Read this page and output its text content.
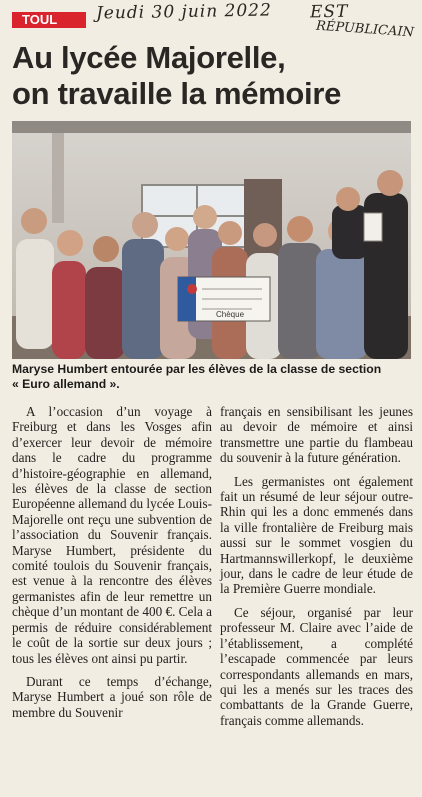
TOUL	Jeudi 30 juin 2022 EST
RÉPUBLICAIN
Au lycée Majorelle,
on travaille la mémoire
Chèque
Maryse Humbert entourée par les élèves de la classe de section
« Euro allemand ».

A l’occasion d’un voyage à Freiburg et dans les Vosges afin d’exercer leur devoir de mémoire dans le cadre du programme d’histoire-géographie en allemand, les élèves de la classe de section Européenne allemand du lycée Louis-Majorelle ont reçu une subvention de l’association du Souvenir français. Maryse Humbert, présidente du comité toulois du Souvenir français, est venue à la rencontre des élèves germanistes afin de leur remettre un chèque d’un montant de 400 €. Cela a permis de réduire considérablement le coût de la sortie sur deux jours ; tous les élèves ont ainsi pu partir.

Durant ce temps d’échange, Maryse Humbert a joué son rôle de membre du Souvenir

français en sensibilisant les jeunes au devoir de mémoire et ainsi transmettre une partie du flambeau du souvenir à la future génération.

Les germanistes ont également fait un résumé de leur séjour outre-Rhin qui les a donc emmenés dans la ville frontalière de Freiburg mais aussi sur le sommet vosgien du Hartmannswillerkopf, le deuxième jour, dans le cadre de leur étude de la Première Guerre mondiale.

Ce séjour, organisé par leur professeur M. Claire avec l’aide de l’établissement, a complété l’escapade commencée par leurs correspondants allemands en mars, qui les a menés sur les traces des combattants de la Grande Guerre, français comme allemands.
